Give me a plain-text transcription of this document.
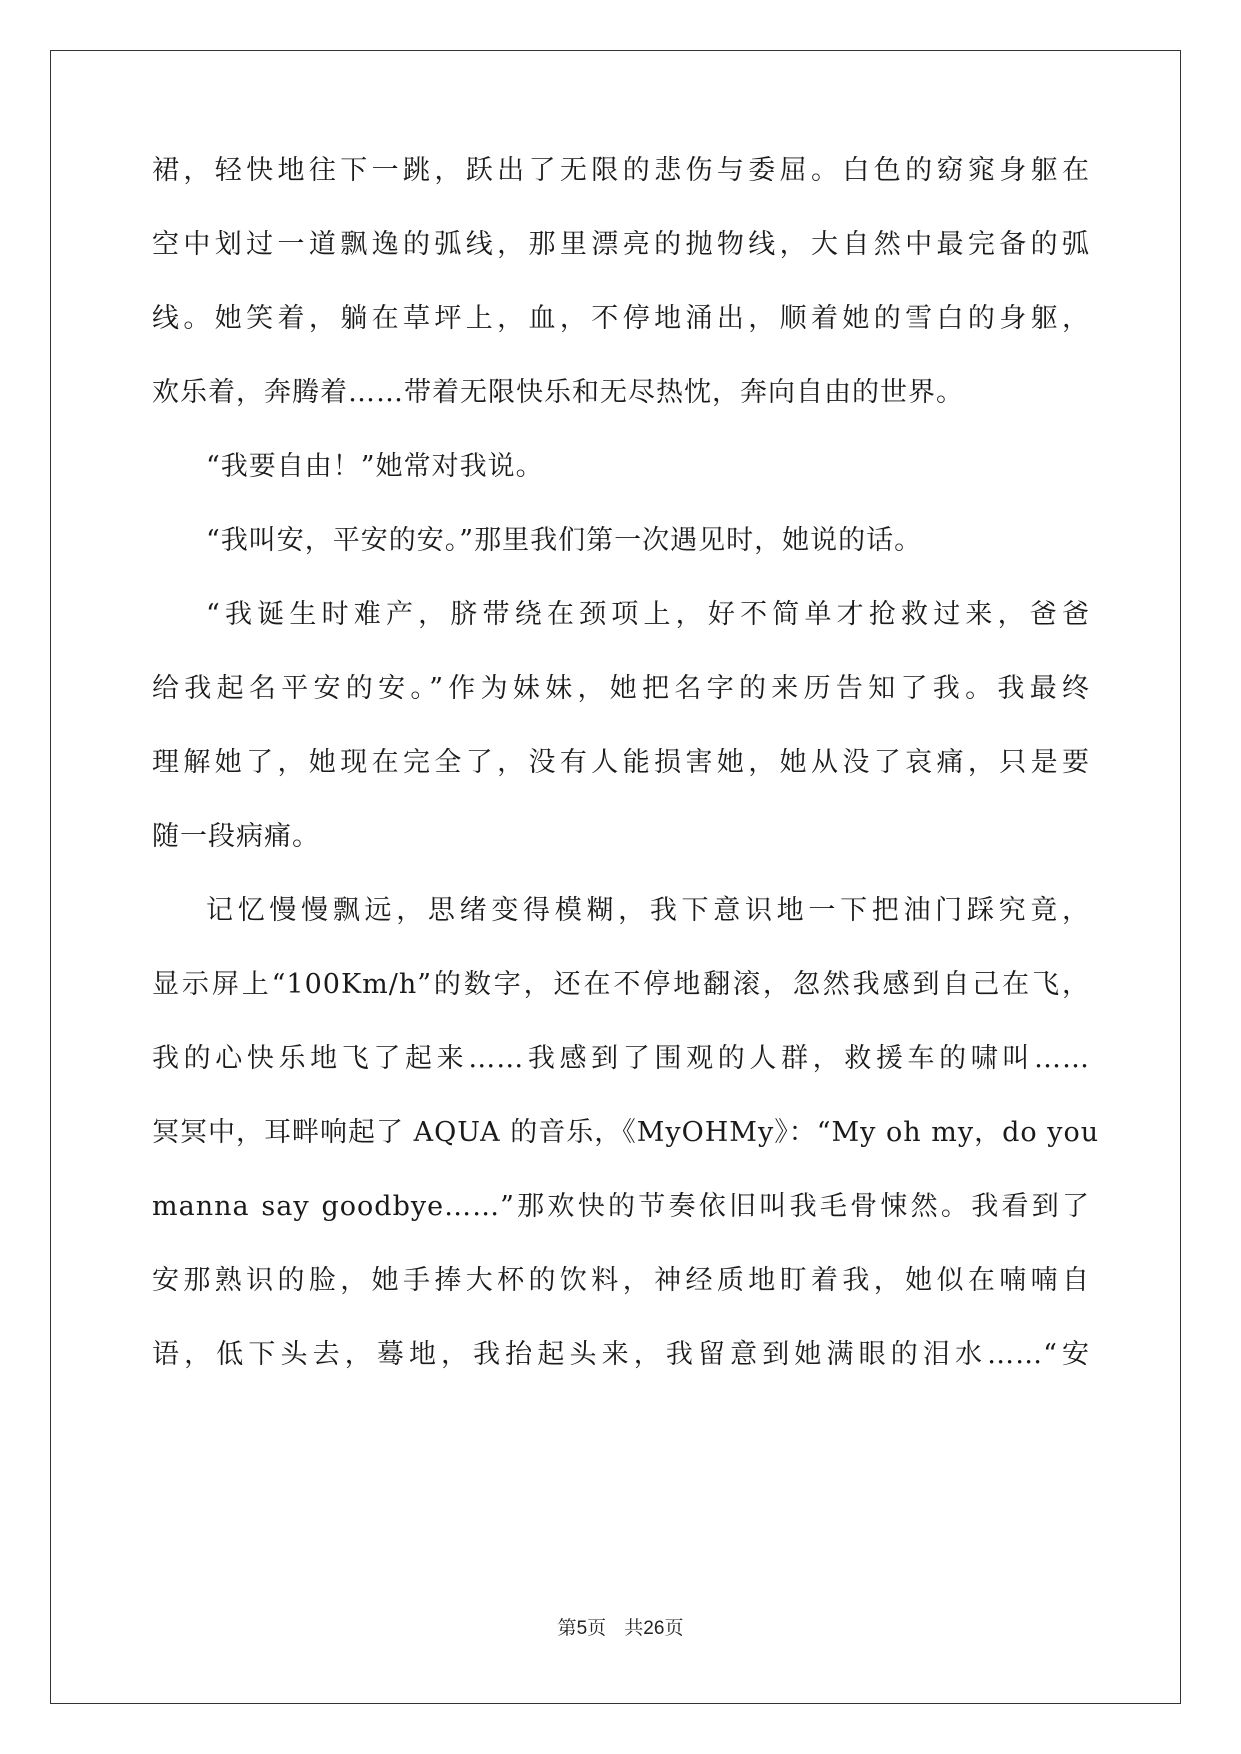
裙，轻快地往下一跳，跃出了无限的悲伤与委屈。白色的窈窕身躯在
空中划过一道飘逸的弧线，那里漂亮的抛物线，大自然中最完备的弧
线。她笑着，躺在草坪上，血，不停地涌出，顺着她的雪白的身躯，
欢乐着，奔腾着……带着无限快乐和无尽热忱，奔向自由的世界。
“我要自由！”她常对我说。
“我叫安，平安的安。”那里我们第一次遇见时，她说的话。
“我诞生时难产，脐带绕在颈项上，好不简单才抢救过来，爸爸
给我起名平安的安。”作为妹妹，她把名字的来历告知了我。我最终
理解她了，她现在完全了，没有人能损害她，她从没了哀痛，只是要
随一段病痛。
记忆慢慢飘远，思绪变得模糊，我下意识地一下把油门踩究竟，
显示屏上“100Km/h”的数字，还在不停地翻滚，忽然我感到自己在飞，
我的心快乐地飞了起来……我感到了围观的人群，救援车的啸叫……
冥冥中，耳畔响起了 AQUA 的音乐，《MyOHMy》：“My oh my，do you
manna say goodbye……”那欢快的节奏依旧叫我毛骨悚然。我看到了
安那熟识的脸，她手捧大杯的饮料，神经质地盯着我，她似在喃喃自
语，低下头去，蓦地，我抬起头来，我留意到她满眼的泪水……“安
第5页 共26页
